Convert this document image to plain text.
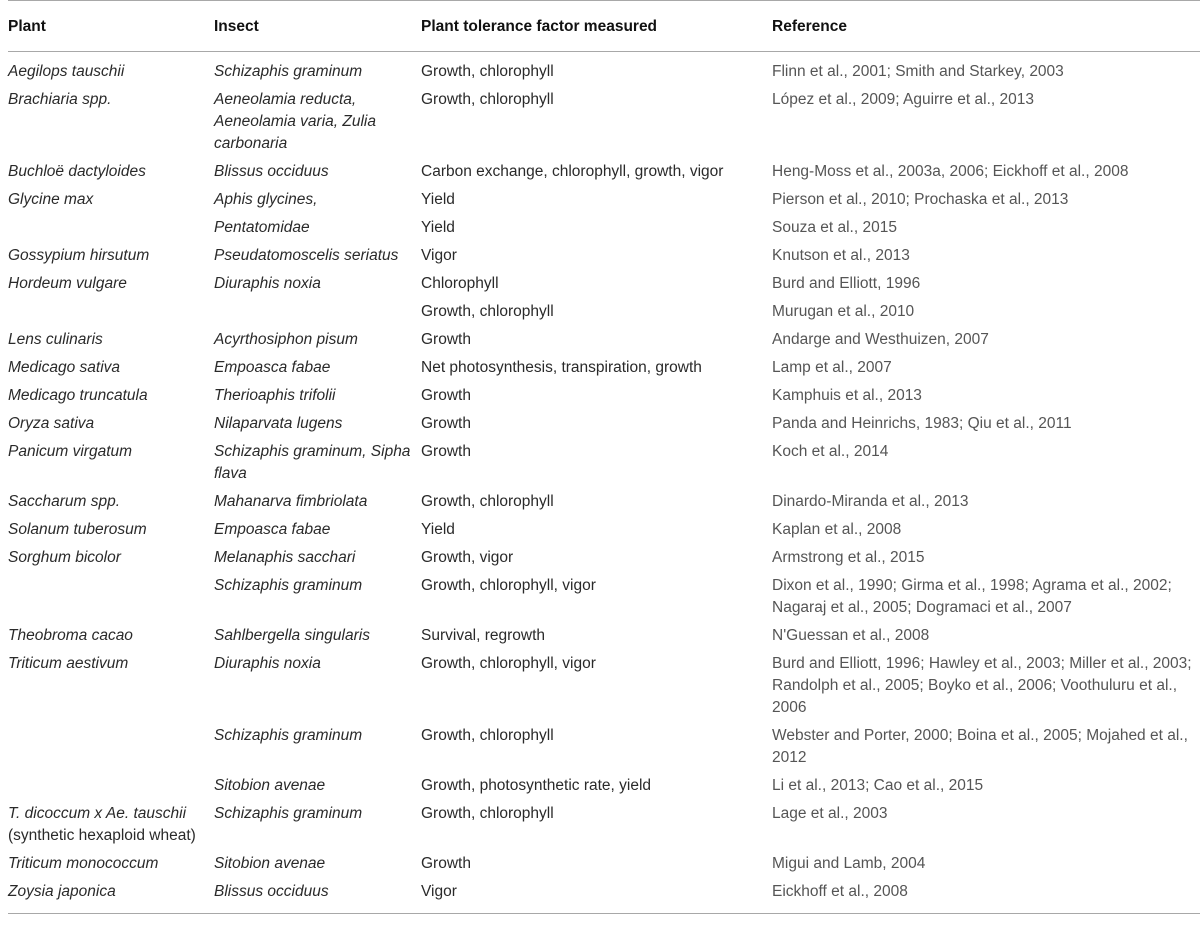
Plant	Insect	Plant tolerance factor measured	Reference
Aegilops tauschii	Schizaphis graminum	Growth, chlorophyll	Flinn et al., 2001; Smith and Starkey, 2003
Brachiaria spp.	Aeneolamia reducta, Aeneolamia varia, Zulia carbonaria	Growth, chlorophyll	López et al., 2009; Aguirre et al., 2013
Buchloë dactyloides	Blissus occiduus	Carbon exchange, chlorophyll, growth, vigor	Heng-Moss et al., 2003a, 2006; Eickhoff et al., 2008
Glycine max	Aphis glycines,	Yield	Pierson et al., 2010; Prochaska et al., 2013
	Pentatomidae	Yield	Souza et al., 2015
Gossypium hirsutum	Pseudatomoscelis seriatus	Vigor	Knutson et al., 2013
Hordeum vulgare	Diuraphis noxia	Chlorophyll	Burd and Elliott, 1996
		Growth, chlorophyll	Murugan et al., 2010
Lens culinaris	Acyrthosiphon pisum	Growth	Andarge and Westhuizen, 2007
Medicago sativa	Empoasca fabae	Net photosynthesis, transpiration, growth	Lamp et al., 2007
Medicago truncatula	Therioaphis trifolii	Growth	Kamphuis et al., 2013
Oryza sativa	Nilaparvata lugens	Growth	Panda and Heinrichs, 1983; Qiu et al., 2011
Panicum virgatum	Schizaphis graminum, Sipha flava	Growth	Koch et al., 2014
Saccharum spp.	Mahanarva fimbriolata	Growth, chlorophyll	Dinardo-Miranda et al., 2013
Solanum tuberosum	Empoasca fabae	Yield	Kaplan et al., 2008
Sorghum bicolor	Melanaphis sacchari	Growth, vigor	Armstrong et al., 2015
	Schizaphis graminum	Growth, chlorophyll, vigor	Dixon et al., 1990; Girma et al., 1998; Agrama et al., 2002; Nagaraj et al., 2005; Dogramaci et al., 2007
Theobroma cacao	Sahlbergella singularis	Survival, regrowth	N'Guessan et al., 2008
Triticum aestivum	Diuraphis noxia	Growth, chlorophyll, vigor	Burd and Elliott, 1996; Hawley et al., 2003; Miller et al., 2003; Randolph et al., 2005; Boyko et al., 2006; Voothuluru et al., 2006
	Schizaphis graminum	Growth, chlorophyll	Webster and Porter, 2000; Boina et al., 2005; Mojahed et al., 2012
	Sitobion avenae	Growth, photosynthetic rate, yield	Li et al., 2013; Cao et al., 2015
T. dicoccum x Ae. tauschii (synthetic hexaploid wheat)	Schizaphis graminum	Growth, chlorophyll	Lage et al., 2003
Triticum monococcum	Sitobion avenae	Growth	Migui and Lamb, 2004
Zoysia japonica	Blissus occiduus	Vigor	Eickhoff et al., 2008
